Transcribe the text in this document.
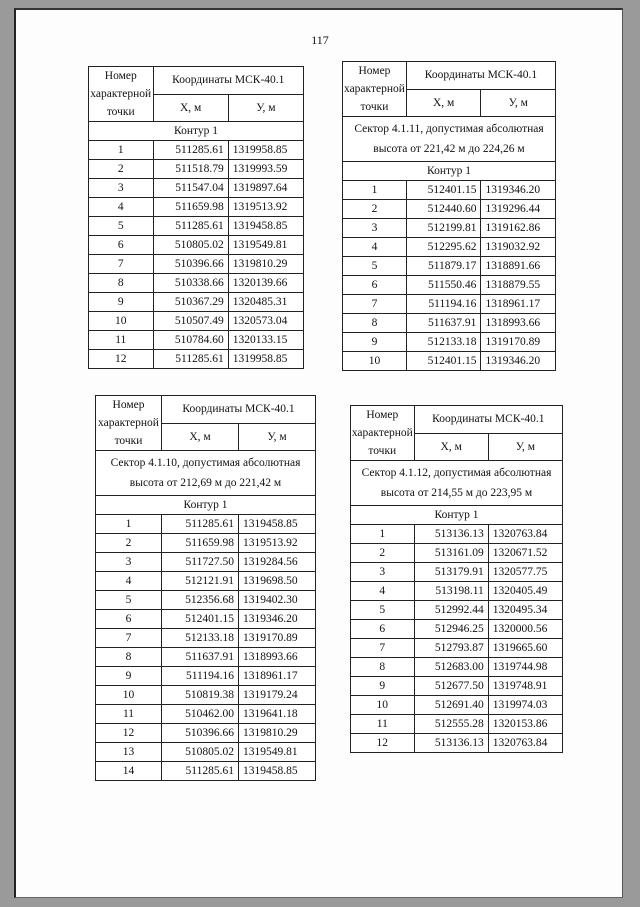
117
Номер характерной точки	Координаты МСК-40.1	
	Х, м	У, м
Контур 1		
1	511285.61	1319958.85
2	511518.79	1319993.59
3	511547.04	1319897.64
4	511659.98	1319513.92
5	511285.61	1319458.85
6	510805.02	1319549.81
7	510396.66	1319810.29
8	510338.66	1320139.66
9	510367.29	1320485.31
10	510507.49	1320573.04
11	510784.60	1320133.15
12	511285.61	1319958.85
Номер характерной точки	Координаты МСК-40.1	
	Х, м	У, м
Сектор 4.1.11, допустимая абсолютная высота от 221,42 м до 224,26 м		
Контур 1		
1	512401.15	1319346.20
2	512440.60	1319296.44
3	512199.81	1319162.86
4	512295.62	1319032.92
5	511879.17	1318891.66
6	511550.46	1318879.55
7	511194.16	1318961.17
8	511637.91	1318993.66
9	512133.18	1319170.89
10	512401.15	1319346.20
Номер характерной точки	Координаты МСК-40.1	
	Х, м	У, м
Сектор 4.1.10, допустимая абсолютная высота от 212,69 м до 221,42 м		
Контур 1		
1	511285.61	1319458.85
2	511659.98	1319513.92
3	511727.50	1319284.56
4	512121.91	1319698.50
5	512356.68	1319402.30
6	512401.15	1319346.20
7	512133.18	1319170.89
8	511637.91	1318993.66
9	511194.16	1318961.17
10	510819.38	1319179.24
11	510462.00	1319641.18
12	510396.66	1319810.29
13	510805.02	1319549.81
14	511285.61	1319458.85
Номер характерной точки	Координаты МСК-40.1	
	Х, м	У, м
Сектор 4.1.12, допустимая абсолютная высота от 214,55 м до 223,95 м		
Контур 1		
1	513136.13	1320763.84
2	513161.09	1320671.52
3	513179.91	1320577.75
4	513198.11	1320405.49
5	512992.44	1320495.34
6	512946.25	1320000.56
7	512793.87	1319665.60
8	512683.00	1319744.98
9	512677.50	1319748.91
10	512691.40	1319974.03
11	512555.28	1320153.86
12	513136.13	1320763.84
